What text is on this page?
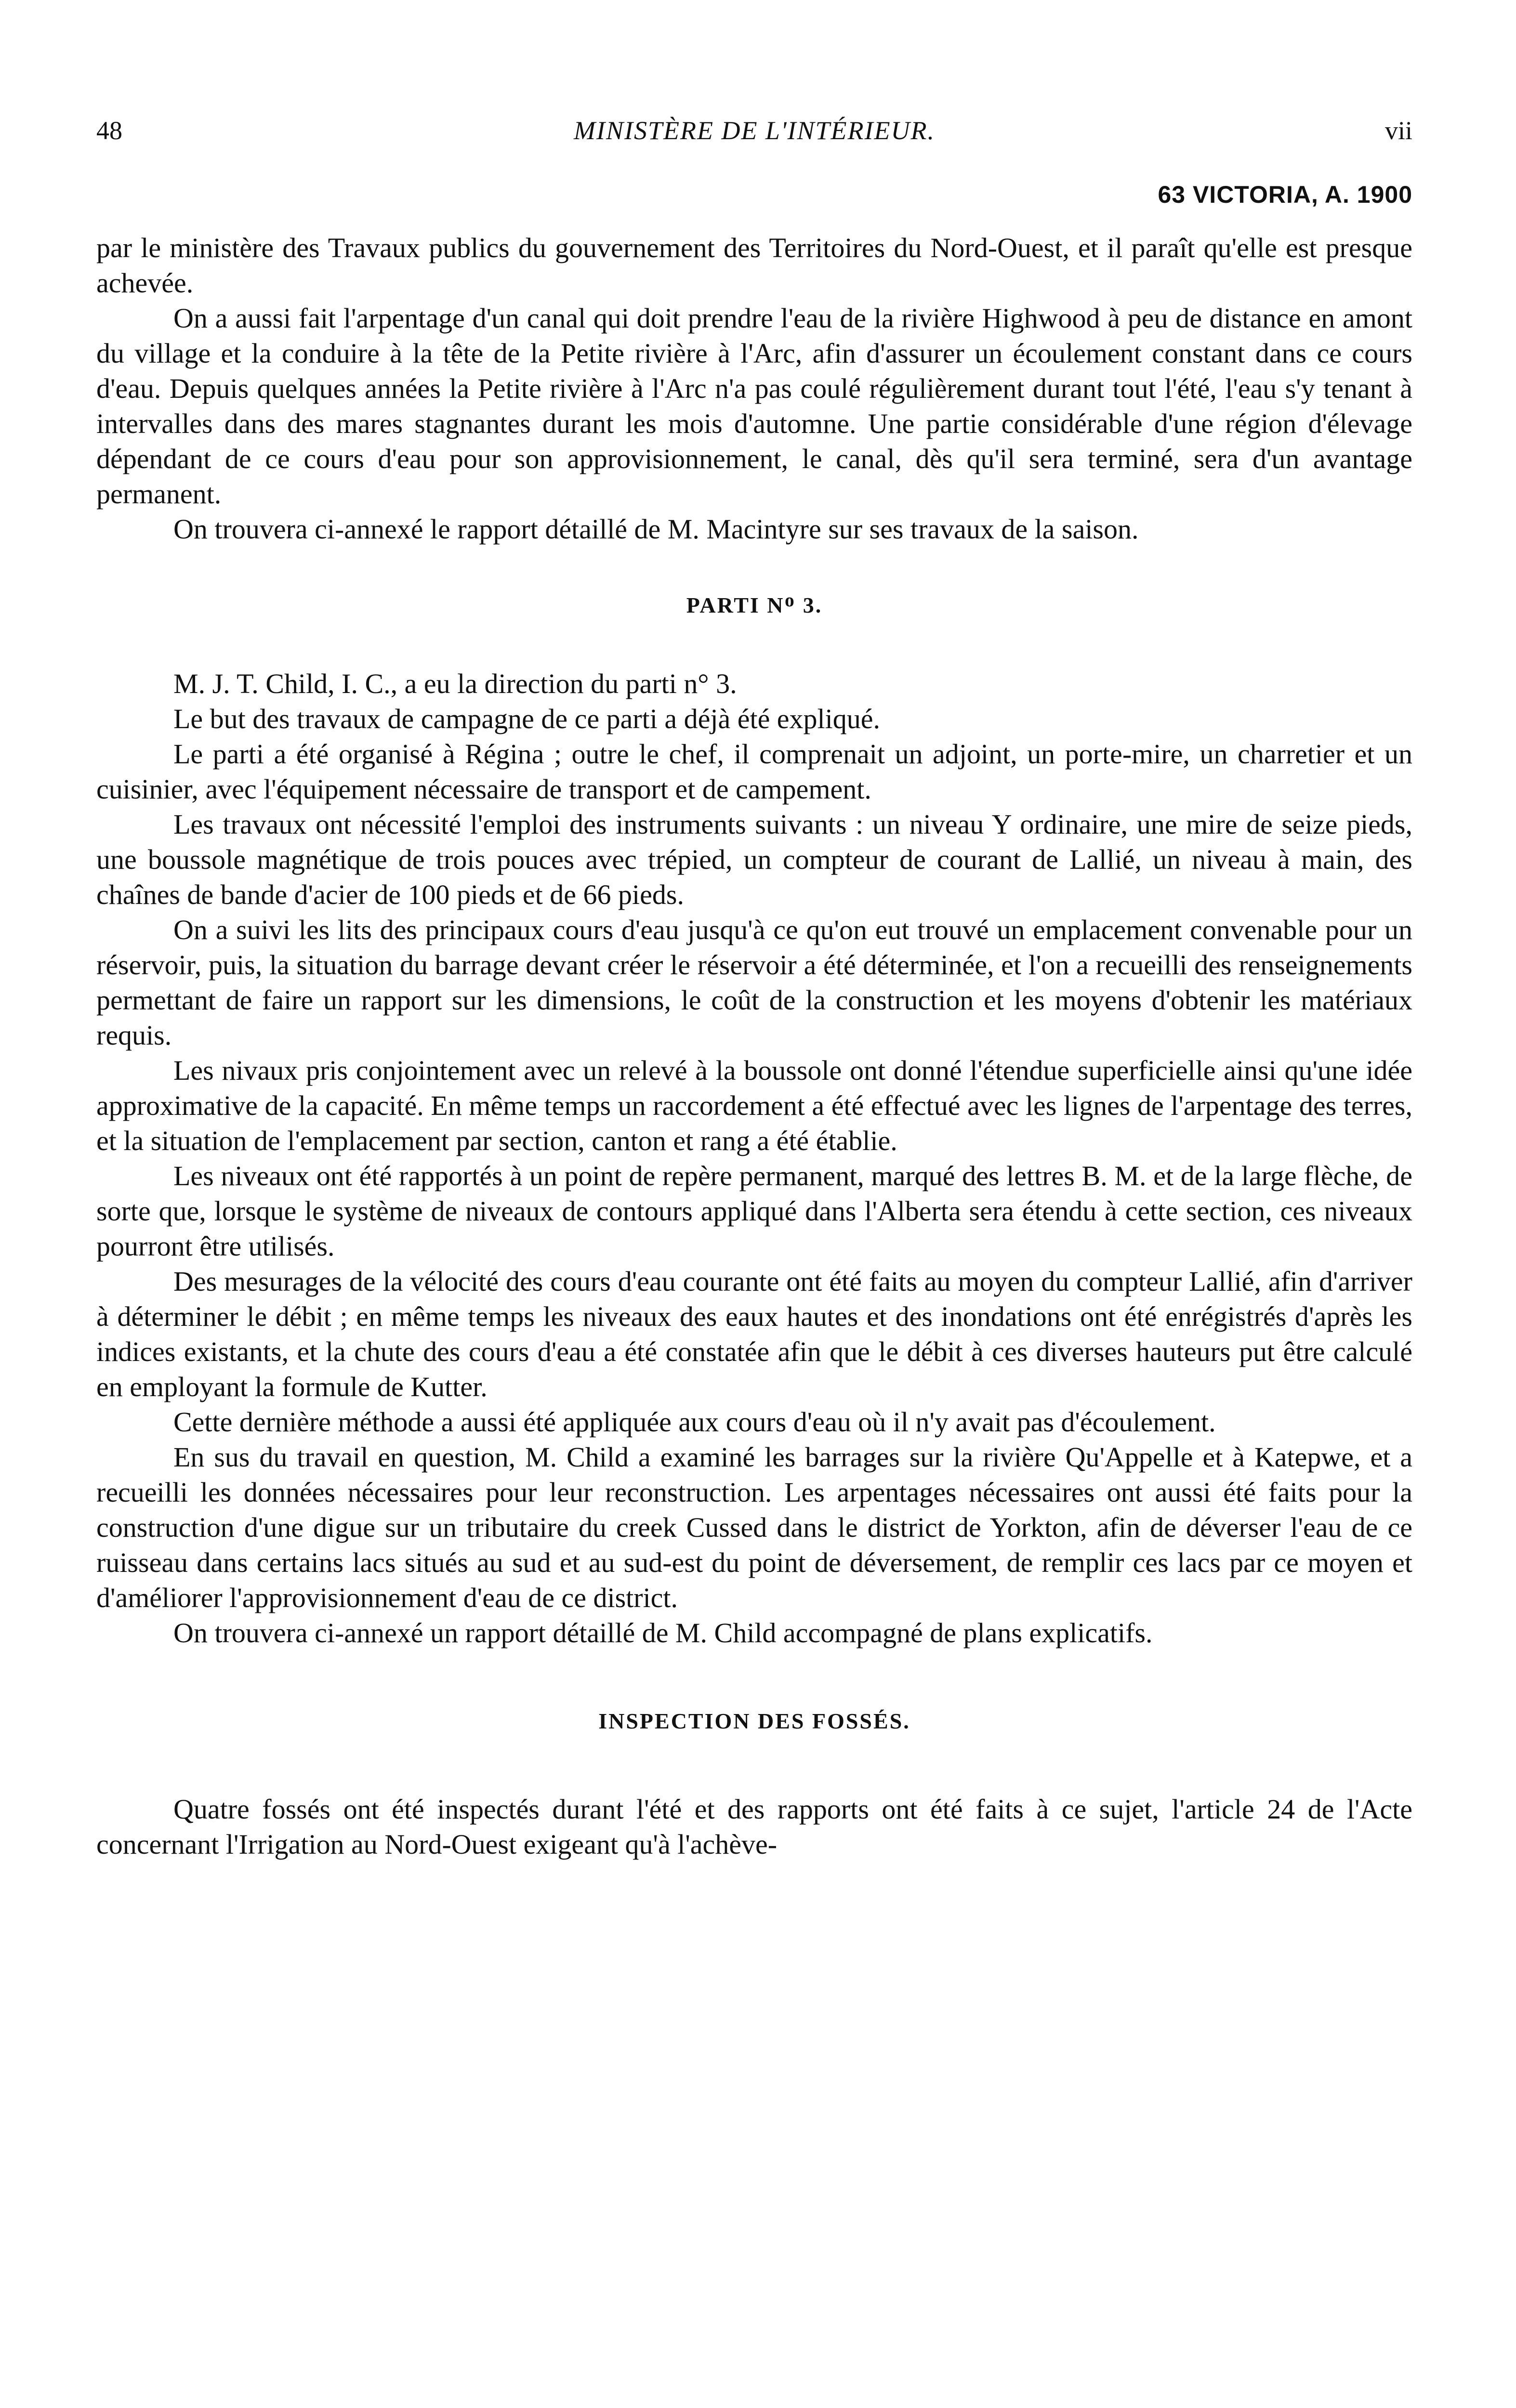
48	MINISTÈRE DE L'INTÉRIEUR.	vii
63 VICTORIA, A. 1900

par le ministère des Travaux publics du gouvernement des Territoires du Nord-Ouest, et il paraît qu'elle est presque achevée.

On a aussi fait l'arpentage d'un canal qui doit prendre l'eau de la rivière Highwood à peu de distance en amont du village et la conduire à la tête de la Petite rivière à l'Arc, afin d'assurer un écoulement constant dans ce cours d'eau. Depuis quelques années la Petite rivière à l'Arc n'a pas coulé régulièrement durant tout l'été, l'eau s'y tenant à intervalles dans des mares stagnantes durant les mois d'automne. Une partie considérable d'une région d'élevage dépendant de ce cours d'eau pour son approvisionnement, le canal, dès qu'il sera terminé, sera d'un avantage permanent.

On trouvera ci-annexé le rapport détaillé de M. Macintyre sur ses travaux de la saison.

PARTI Nᴼ 3.

M. J. T. Child, I. C., a eu la direction du parti n° 3.

Le but des travaux de campagne de ce parti a déjà été expliqué.

Le parti a été organisé à Régina ; outre le chef, il comprenait un adjoint, un porte-mire, un charretier et un cuisinier, avec l'équipement nécessaire de transport et de campement.

Les travaux ont nécessité l'emploi des instruments suivants : un niveau Y ordinaire, une mire de seize pieds, une boussole magnétique de trois pouces avec trépied, un compteur de courant de Lallié, un niveau à main, des chaînes de bande d'acier de 100 pieds et de 66 pieds.

On a suivi les lits des principaux cours d'eau jusqu'à ce qu'on eut trouvé un emplacement convenable pour un réservoir, puis, la situation du barrage devant créer le réservoir a été déterminée, et l'on a recueilli des renseignements permettant de faire un rapport sur les dimensions, le coût de la construction et les moyens d'obtenir les matériaux requis.

Les nivaux pris conjointement avec un relevé à la boussole ont donné l'étendue superficielle ainsi qu'une idée approximative de la capacité. En même temps un raccordement a été effectué avec les lignes de l'arpentage des terres, et la situation de l'emplacement par section, canton et rang a été établie.

Les niveaux ont été rapportés à un point de repère permanent, marqué des lettres B. M. et de la large flèche, de sorte que, lorsque le système de niveaux de contours appliqué dans l'Alberta sera étendu à cette section, ces niveaux pourront être utilisés.

Des mesurages de la vélocité des cours d'eau courante ont été faits au moyen du compteur Lallié, afin d'arriver à déterminer le débit ; en même temps les niveaux des eaux hautes et des inondations ont été enrégistrés d'après les indices existants, et la chute des cours d'eau a été constatée afin que le débit à ces diverses hauteurs put être calculé en employant la formule de Kutter.

Cette dernière méthode a aussi été appliquée aux cours d'eau où il n'y avait pas d'écoulement.

En sus du travail en question, M. Child a examiné les barrages sur la rivière Qu'Appelle et à Katepwe, et a recueilli les données nécessaires pour leur reconstruction. Les arpentages nécessaires ont aussi été faits pour la construction d'une digue sur un tributaire du creek Cussed dans le district de Yorkton, afin de déverser l'eau de ce ruisseau dans certains lacs situés au sud et au sud-est du point de déversement, de remplir ces lacs par ce moyen et d'améliorer l'approvisionnement d'eau de ce district.

On trouvera ci-annexé un rapport détaillé de M. Child accompagné de plans explicatifs.

INSPECTION DES FOSSÉS.

Quatre fossés ont été inspectés durant l'été et des rapports ont été faits à ce sujet, l'article 24 de l'Acte concernant l'Irrigation au Nord-Ouest exigeant qu'à l'achève-
